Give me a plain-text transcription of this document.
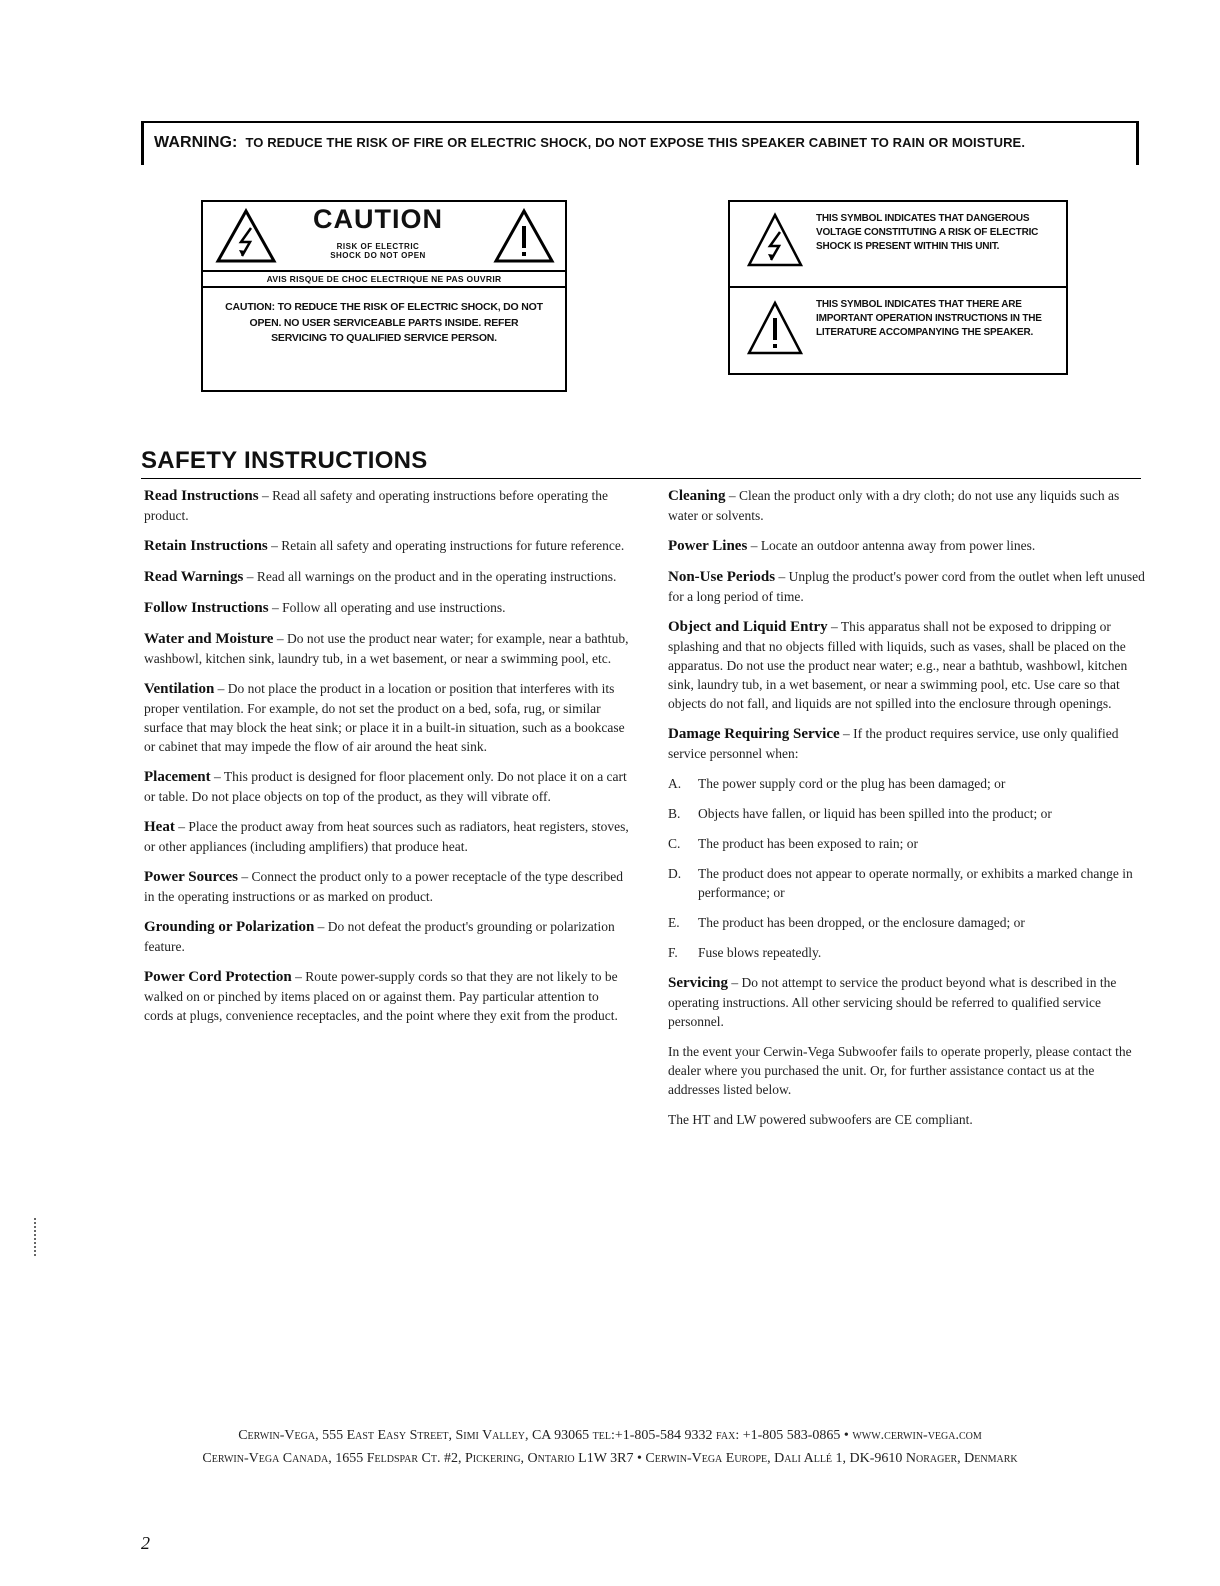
WARNING: TO REDUCE THE RISK OF FIRE OR ELECTRIC SHOCK, DO NOT EXPOSE THIS SPEAKER CABINET TO RAIN OR MOISTURE.
CAUTION
RISK OF ELECTRIC
SHOCK DO NOT OPEN
AVIS RISQUE DE CHOC ELECTRIQUE NE PAS OUVRIR
CAUTION: TO REDUCE THE RISK OF ELECTRIC SHOCK, DO NOT OPEN. NO USER SERVICEABLE PARTS INSIDE. REFER SERVICING TO QUALIFIED SERVICE PERSON.
THIS SYMBOL INDICATES THAT DANGEROUS VOLTAGE CONSTITUTING A RISK OF ELECTRIC SHOCK IS PRESENT WITHIN THIS UNIT.
THIS SYMBOL INDICATES THAT THERE ARE IMPORTANT OPERATION INSTRUCTIONS IN THE LITERATURE ACCOMPANYING THE SPEAKER.
SAFETY INSTRUCTIONS

Read Instructions – Read all safety and operating instructions before operating the product.

Retain Instructions – Retain all safety and operating instructions for future reference.

Read Warnings – Read all warnings on the product and in the operating instructions.

Follow Instructions – Follow all operating and use instructions.

Water and Moisture – Do not use the product near water; for example, near a bathtub, washbowl, kitchen sink, laundry tub, in a wet basement, or near a swimming pool, etc.

Ventilation – Do not place the product in a location or position that interferes with its proper ventilation. For example, do not set the product on a bed, sofa, rug, or similar surface that may block the heat sink; or place it in a built-in situation, such as a bookcase or cabinet that may impede the flow of air around the heat sink.

Placement – This product is designed for floor placement only. Do not place it on a cart or table. Do not place objects on top of the product, as they will vibrate off.

Heat – Place the product away from heat sources such as radiators, heat registers, stoves, or other appliances (including amplifiers) that produce heat.

Power Sources – Connect the product only to a power receptacle of the type described in the operating instructions or as marked on product.

Grounding or Polarization – Do not defeat the product's grounding or polarization feature.

Power Cord Protection – Route power-supply cords so that they are not likely to be walked on or pinched by items placed on or against them. Pay particular attention to cords at plugs, convenience receptacles, and the point where they exit from the product.

Cleaning – Clean the product only with a dry cloth; do not use any liquids such as water or solvents.

Power Lines – Locate an outdoor antenna away from power lines.

Non-Use Periods – Unplug the product's power cord from the outlet when left unused for a long period of time.

Object and Liquid Entry – This apparatus shall not be exposed to dripping or splashing and that no objects filled with liquids, such as vases, shall be placed on the apparatus. Do not use the product near water; e.g., near a bathtub, washbowl, kitchen sink, laundry tub, in a wet basement, or near a swimming pool, etc. Use care so that objects do not fall, and liquids are not spilled into the enclosure through openings.

Damage Requiring Service – If the product requires service, use only qualified service personnel when:

A.	The power supply cord or the plug has been damaged; or
B.	Objects have fallen, or liquid has been spilled into the product; or
C.	The product has been exposed to rain; or
D.	The product does not appear to operate normally, or exhibits a marked change in performance; or
E.	The product has been dropped, or the enclosure damaged; or
F.	Fuse blows repeatedly.

Servicing – Do not attempt to service the product beyond what is described in the operating instructions. All other servicing should be referred to qualified service personnel.

In the event your Cerwin-Vega Subwoofer fails to operate properly, please contact the dealer where you purchased the unit. Or, for further assistance contact us at the addresses listed below.

The HT and LW powered subwoofers are CE compliant.

Cerwin-Vega, 555 East Easy Street, Simi Valley, CA 93065 tel:+1-805-584 9332 fax: +1-805 583-0865 • www.cerwin-vega.com
Cerwin-Vega Canada, 1655 Feldspar Ct. #2, Pickering, Ontario L1W 3R7 • Cerwin-Vega Europe, Dali Allé 1, DK-9610 Norager, Denmark
2
